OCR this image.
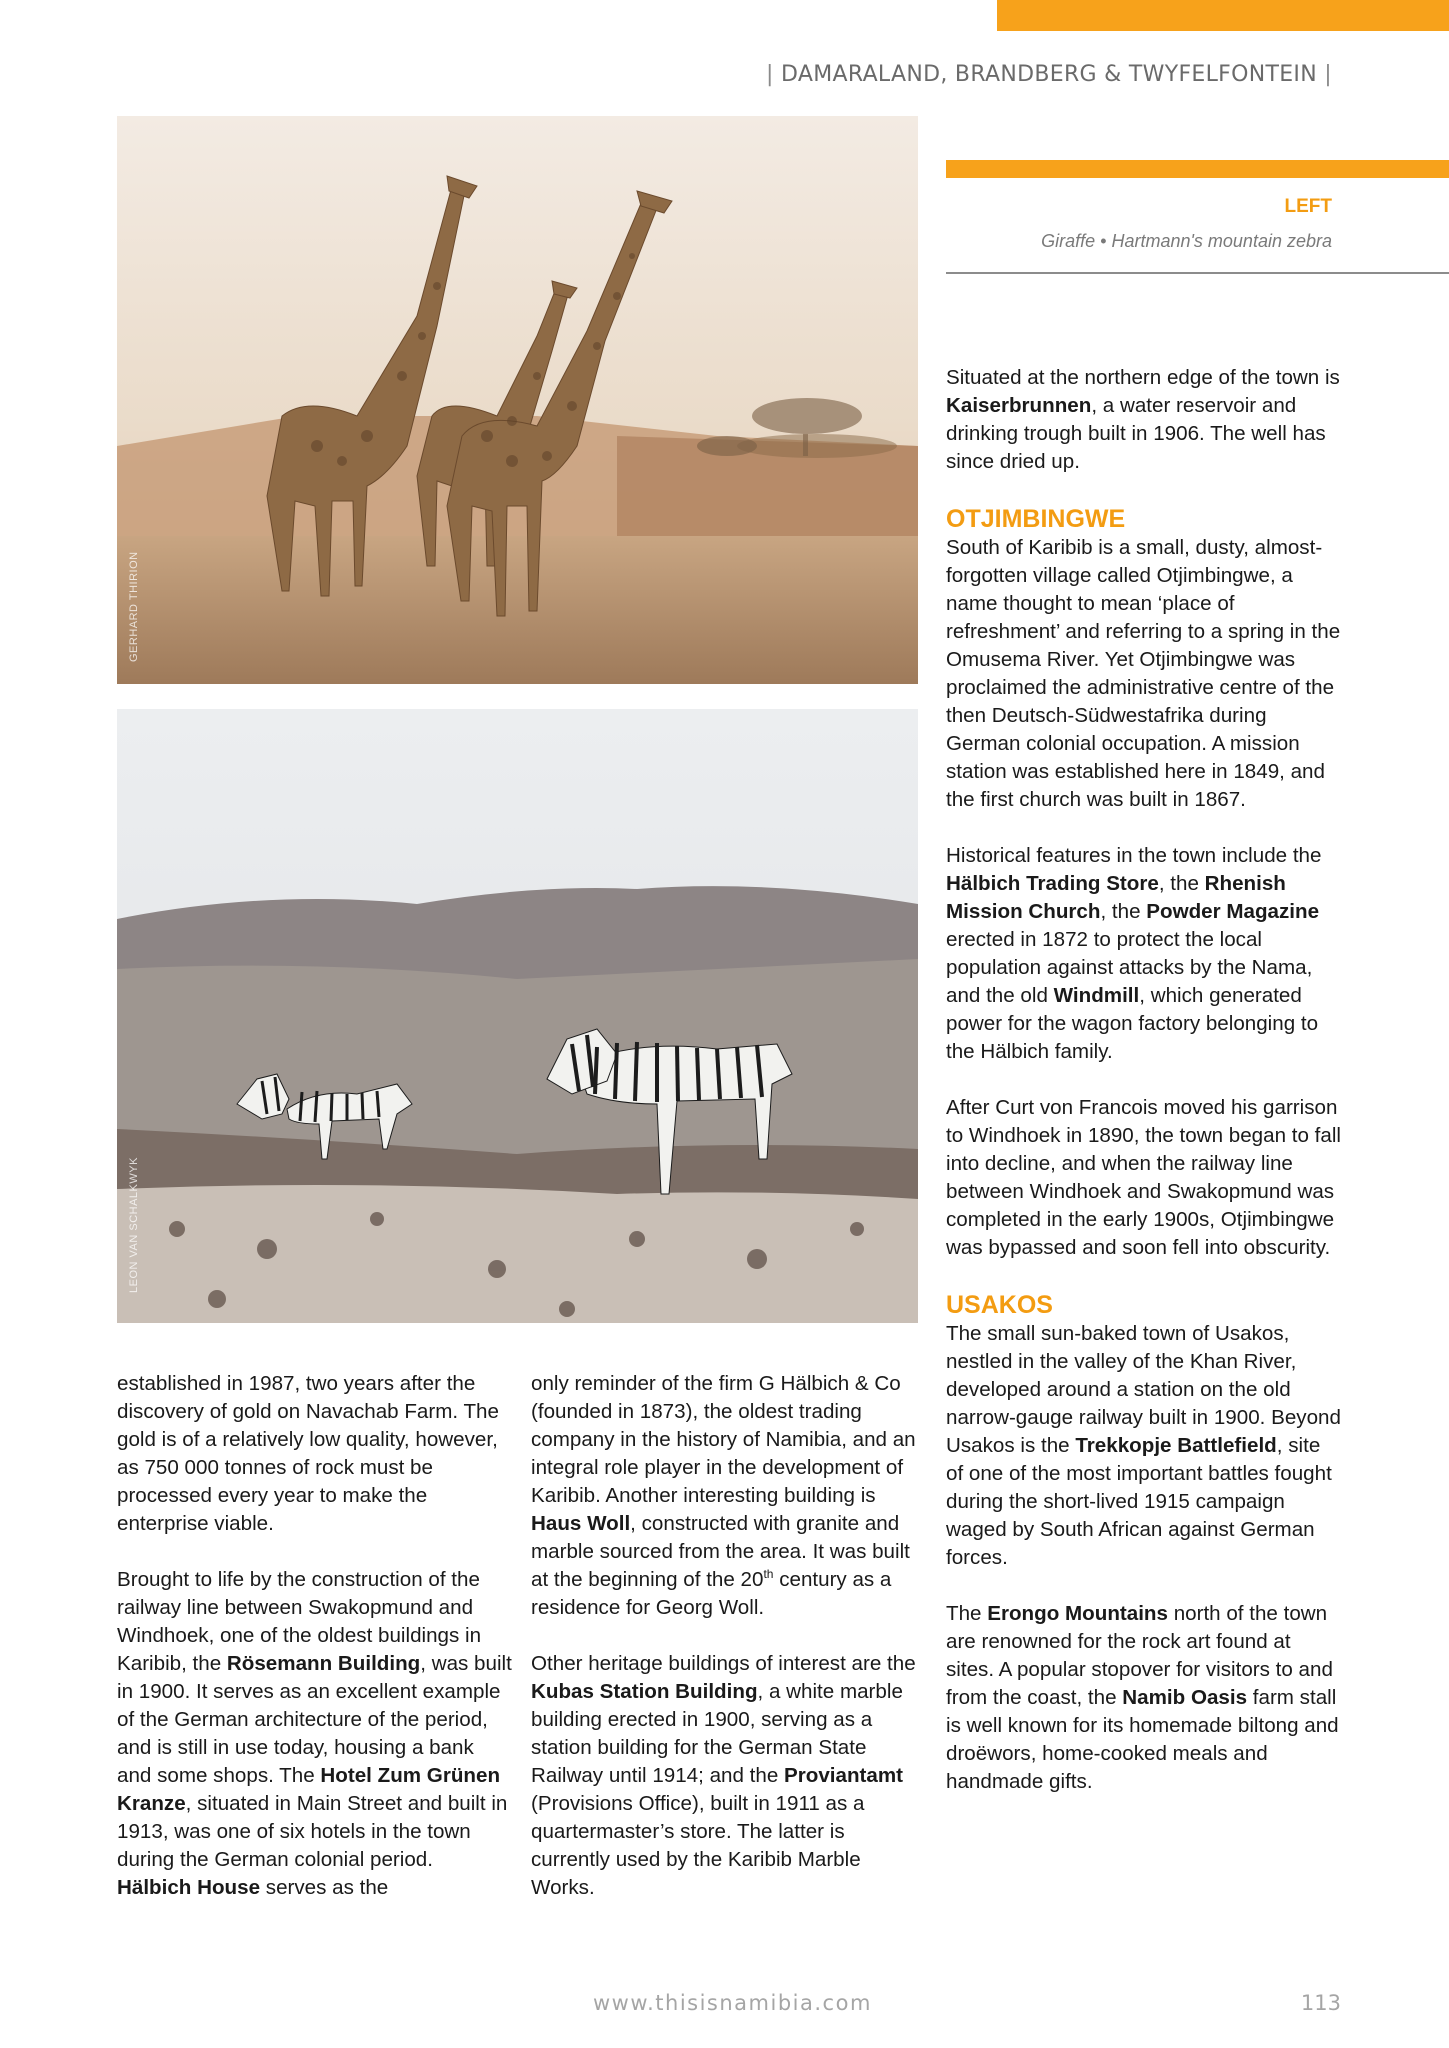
| DAMARALAND, BRANDBERG & TWYFELFONTEIN |
GERHARD THIRION
LEON VAN SCHALKWYK
LEFT
Giraffe • Hartmann's mountain zebra

established in 1987, two years after the discovery of gold on Navachab Farm. The gold is of a relatively low quality, however, as 750 000 tonnes of rock must be processed every year to make the enterprise viable.

Brought to life by the construction of the railway line between Swakopmund and Windhoek, one of the oldest buildings in Karibib, the Rösemann Building, was built in 1900. It serves as an excellent example of the German architecture of the period, and is still in use today, housing a bank and some shops. The Hotel Zum Grünen Kranze, situated in Main Street and built in 1913, was one of six hotels in the town during the German colonial period. Hälbich House serves as the

only reminder of the firm G Hälbich & Co (founded in 1873), the oldest trading company in the history of Namibia, and an integral role player in the development of Karibib. Another interesting building is Haus Woll, constructed with granite and marble sourced from the area. It was built at the beginning of the 20th century as a residence for Georg Woll.

Other heritage buildings of interest are the Kubas Station Building, a white marble building erected in 1900, serving as a station building for the German State Railway until 1914; and the Proviantamt (Provisions Office), built in 1911 as a quartermaster’s store. The latter is currently used by the Karibib Marble Works.

Situated at the northern edge of the town is Kaiserbrunnen, a water reservoir and drinking trough built in 1906. The well has since dried up.

OTJIMBINGWE

South of Karibib is a small, dusty, almost-forgotten village called Otjimbingwe, a name thought to mean ‘place of refreshment’ and referring to a spring in the Omusema River. Yet Otjimbingwe was proclaimed the administrative centre of the then Deutsch-Südwestafrika during German colonial occupation. A mission station was established here in 1849, and the first church was built in 1867.

Historical features in the town include the Hälbich Trading Store, the Rhenish Mission Church, the Powder Magazine erected in 1872 to protect the local population against attacks by the Nama, and the old Windmill, which generated power for the wagon factory belonging to the Hälbich family.

After Curt von Francois moved his garrison to Windhoek in 1890, the town began to fall into decline, and when the railway line between Windhoek and Swakopmund was completed in the early 1900s, Otjimbingwe was bypassed and soon fell into obscurity.

USAKOS

The small sun-baked town of Usakos, nestled in the valley of the Khan River, developed around a station on the old narrow-gauge railway built in 1900. Beyond Usakos is the Trekkopje Battlefield, site of one of the most important battles fought during the short-lived 1915 campaign waged by South African against German forces.

The Erongo Mountains north of the town are renowned for the rock art found at sites. A popular stopover for visitors to and from the coast, the Namib Oasis farm stall is well known for its homemade biltong and droëwors, home-cooked meals and handmade gifts.

www.thisisnamibia.com	113
